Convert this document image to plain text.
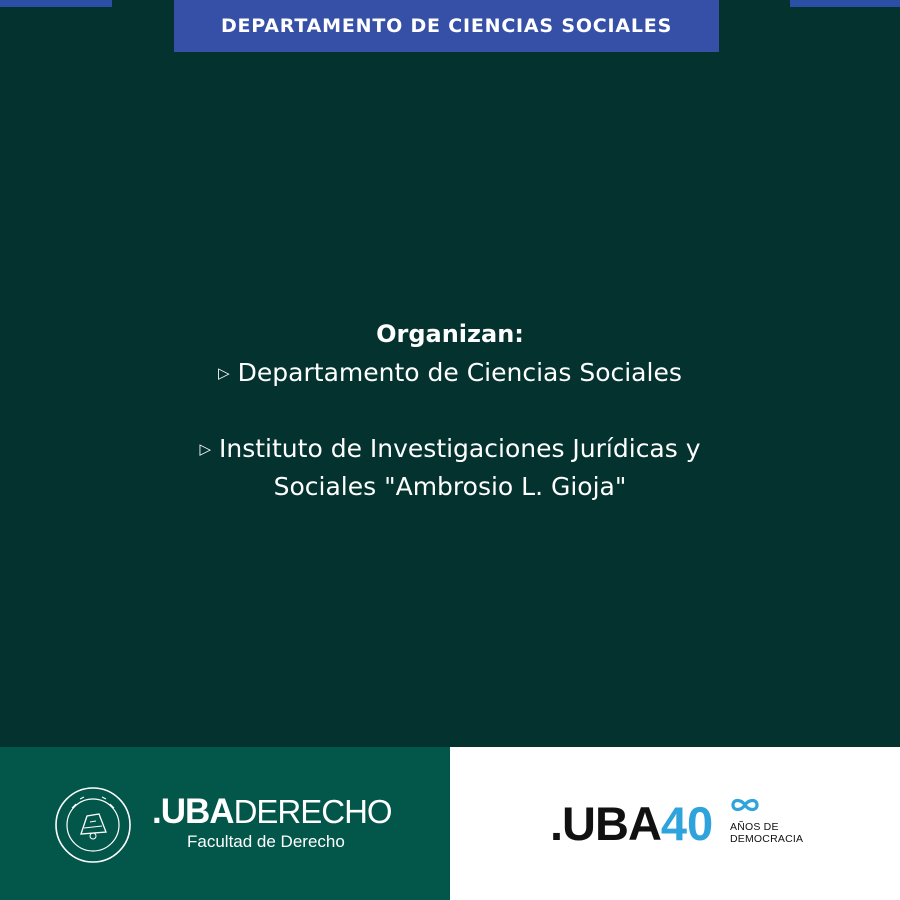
DEPARTAMENTO DE CIENCIAS SOCIALES
Organizan:
▷ Departamento de Ciencias Sociales
▷ Instituto de Investigaciones Jurídicas y
Sociales "Ambrosio L. Gioja"
.UBADERECHO
Facultad de Derecho	.UBA40 AÑOS DE
DEMOCRACIA
